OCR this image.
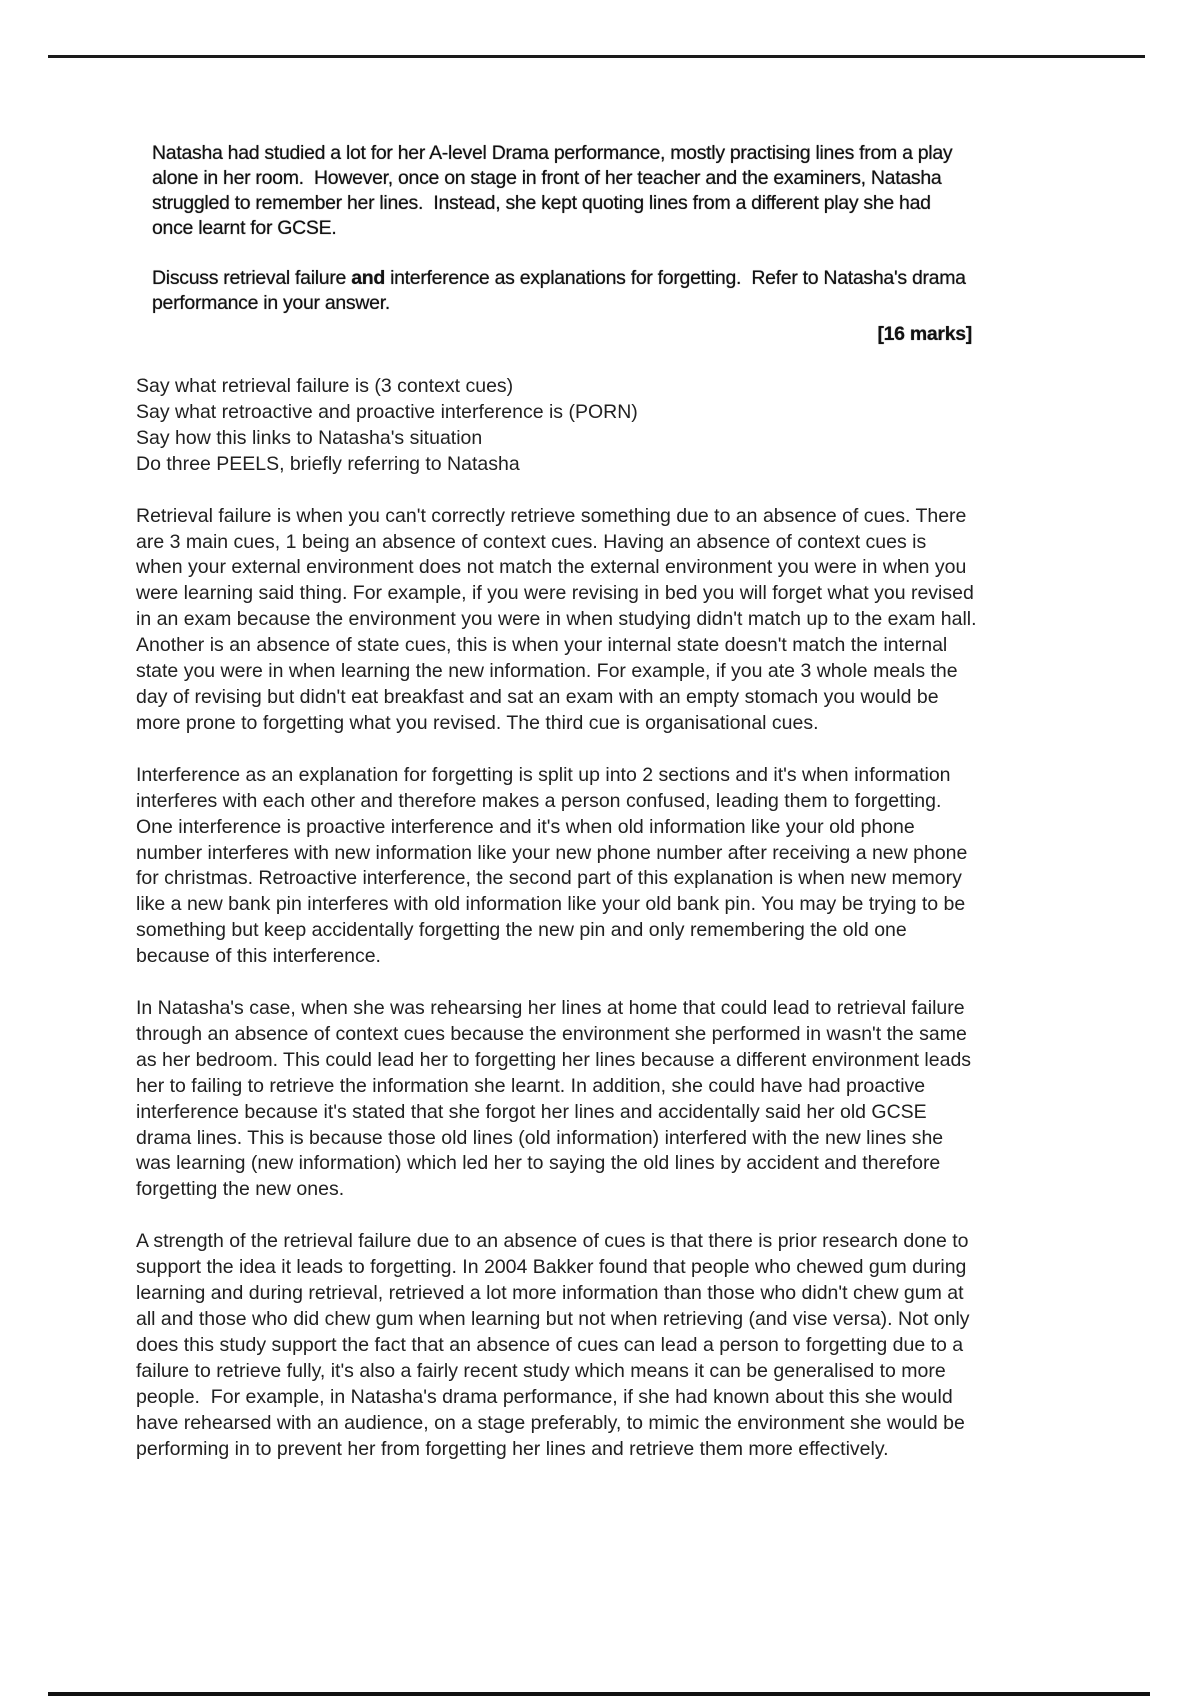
Natasha had studied a lot for her A-level Drama performance, mostly practising lines from a play alone in her room.  However, once on stage in front of her teacher and the examiners, Natasha struggled to remember her lines.  Instead, she kept quoting lines from a different play she had once learnt for GCSE.

Discuss retrieval failure and interference as explanations for forgetting.  Refer to Natasha's drama performance in your answer.

[16 marks]

Say what retrieval failure is (3 context cues)
Say what retroactive and proactive interference is (PORN)
Say how this links to Natasha's situation
Do three PEELS, briefly referring to Natasha

Retrieval failure is when you can't correctly retrieve something due to an absence of cues. There are 3 main cues, 1 being an absence of context cues. Having an absence of context cues is when your external environment does not match the external environment you were in when you were learning said thing. For example, if you were revising in bed you will forget what you revised in an exam because the environment you were in when studying didn't match up to the exam hall. Another is an absence of state cues, this is when your internal state doesn't match the internal state you were in when learning the new information. For example, if you ate 3 whole meals the day of revising but didn't eat breakfast and sat an exam with an empty stomach you would be more prone to forgetting what you revised. The third cue is organisational cues.

Interference as an explanation for forgetting is split up into 2 sections and it's when information interferes with each other and therefore makes a person confused, leading them to forgetting. One interference is proactive interference and it's when old information like your old phone number interferes with new information like your new phone number after receiving a new phone for christmas. Retroactive interference, the second part of this explanation is when new memory like a new bank pin interferes with old information like your old bank pin. You may be trying to be something but keep accidentally forgetting the new pin and only remembering the old one because of this interference.

In Natasha's case, when she was rehearsing her lines at home that could lead to retrieval failure through an absence of context cues because the environment she performed in wasn't the same as her bedroom. This could lead her to forgetting her lines because a different environment leads her to failing to retrieve the information she learnt. In addition, she could have had proactive interference because it's stated that she forgot her lines and accidentally said her old GCSE drama lines. This is because those old lines (old information) interfered with the new lines she was learning (new information) which led her to saying the old lines by accident and therefore forgetting the new ones.

A strength of the retrieval failure due to an absence of cues is that there is prior research done to support the idea it leads to forgetting. In 2004 Bakker found that people who chewed gum during learning and during retrieval, retrieved a lot more information than those who didn't chew gum at all and those who did chew gum when learning but not when retrieving (and vise versa). Not only does this study support the fact that an absence of cues can lead a person to forgetting due to a failure to retrieve fully, it's also a fairly recent study which means it can be generalised to more people.  For example, in Natasha's drama performance, if she had known about this she would have rehearsed with an audience, on a stage preferably, to mimic the environment she would be performing in to prevent her from forgetting her lines and retrieve them more effectively.
